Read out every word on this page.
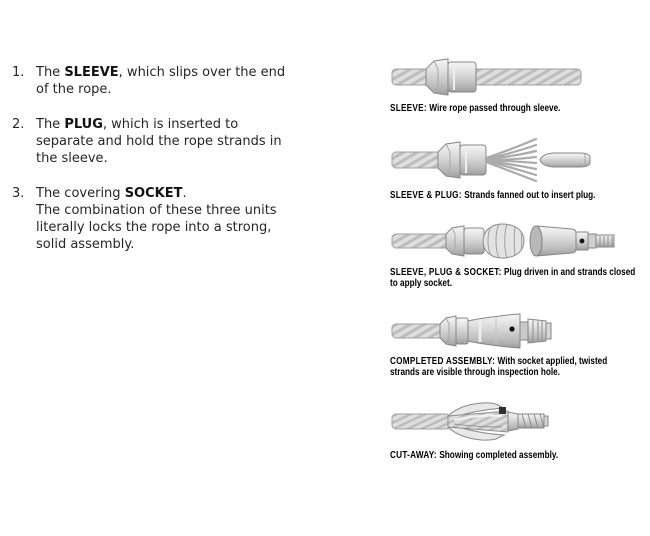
1. The SLEEVE, which slips over the end
of the rope.
2. The PLUG, which is inserted to
separate and hold the rope strands in
the sleeve.
3. The covering SOCKET.
The combination of these three units
literally locks the rope into a strong,
solid assembly.
SLEEVE: Wire rope passed through sleeve.
SLEEVE & PLUG: Strands fanned out to insert plug.
SLEEVE, PLUG & SOCKET: Plug driven in and strands closed to apply socket.
COMPLETED ASSEMBLY: With socket applied, twisted strands are visible through inspection hole.
CUT-AWAY: Showing completed assembly.
